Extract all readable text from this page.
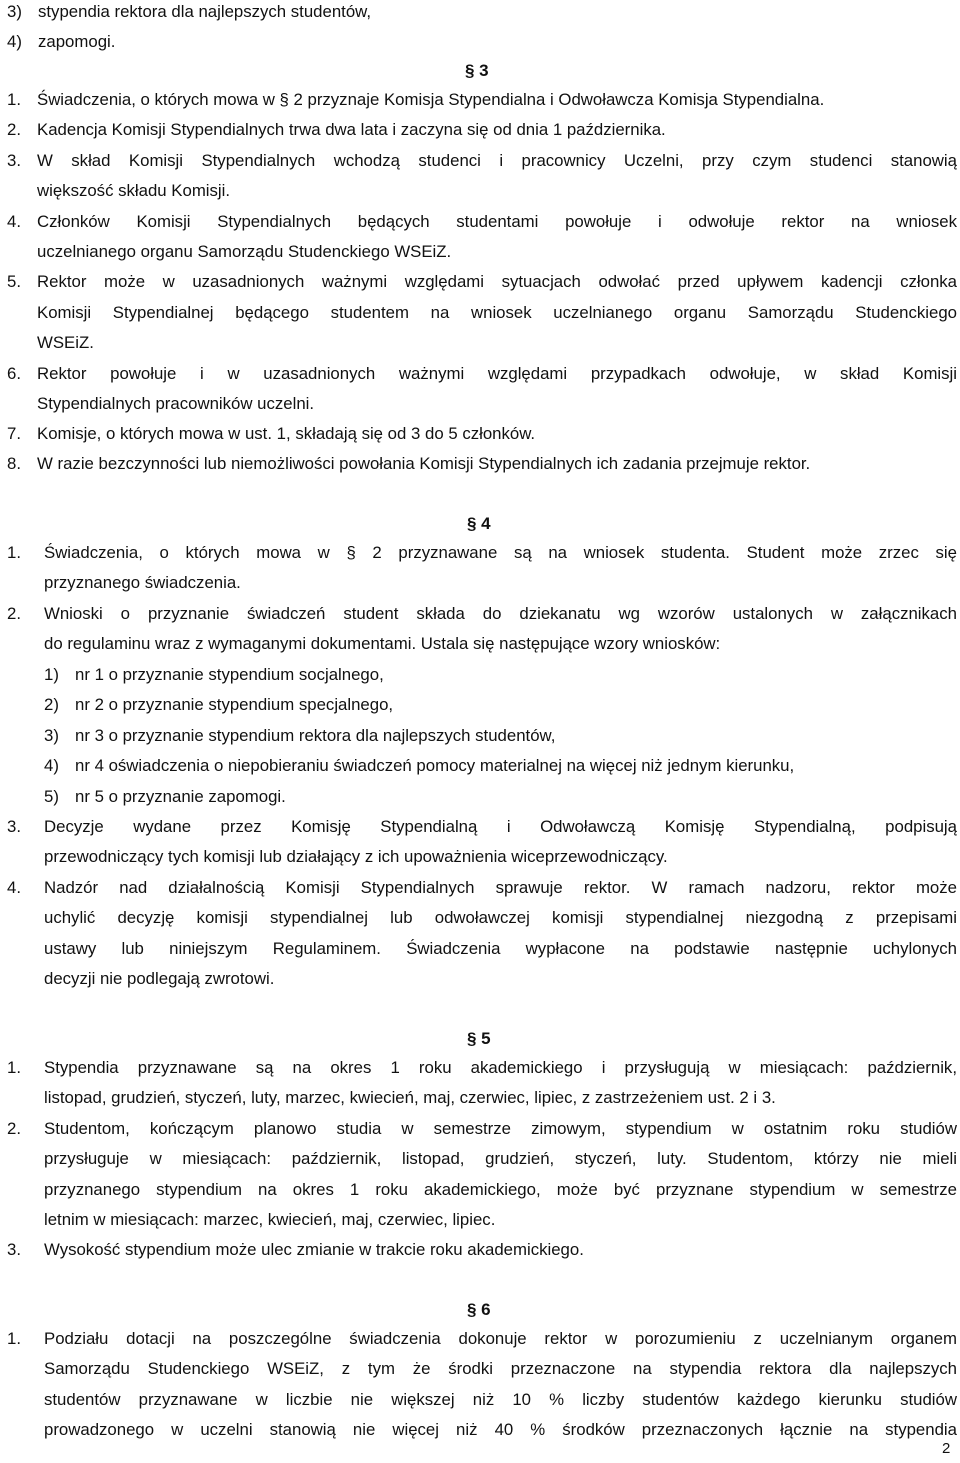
§ 3
§ 4
§ 5
§ 6
3) stypendia rektora dla najlepszych studentów,
4) zapomogi.
1. Świadczenia, o których mowa w § 2 przyznaje Komisja Stypendialna i Odwoławcza Komisja Stypendialna.
2. Kadencja Komisji Stypendialnych trwa dwa lata i zaczyna się od dnia 1 października.
3. W skład Komisji Stypendialnych wchodzą studenci i pracownicy Uczelni, przy czym studenci stanowią
większość składu Komisji.
4. Członków Komisji Stypendialnych będących studentami powołuje i odwołuje rektor na wniosek
uczelnianego organu Samorządu Studenckiego WSEiZ.
5. Rektor może w uzasadnionych ważnymi względami sytuacjach odwołać przed upływem kadencji członka
Komisji Stypendialnej będącego studentem na wniosek uczelnianego organu Samorządu Studenckiego
WSEiZ.
6. Rektor powołuje i w uzasadnionych ważnymi względami przypadkach odwołuje, w skład Komisji
Stypendialnych pracowników uczelni.
7. Komisje, o których mowa w ust. 1, składają się od 3 do 5 członków.
8. W razie bezczynności lub niemożliwości powołania Komisji Stypendialnych ich zadania przejmuje rektor.
1. Świadczenia, o których mowa w § 2 przyznawane są na wniosek studenta. Student może zrzec się
przyznanego świadczenia.
2. Wnioski o przyznanie świadczeń student składa do dziekanatu wg wzorów ustalonych w załącznikach
do regulaminu wraz z wymaganymi dokumentami. Ustala się następujące wzory wniosków:
1) nr 1 o przyznanie stypendium socjalnego,
2) nr 2 o przyznanie stypendium specjalnego,
3) nr 3 o przyznanie stypendium rektora dla najlepszych studentów,
4) nr 4 oświadczenia o niepobieraniu świadczeń pomocy materialnej na więcej niż jednym kierunku,
5) nr 5 o przyznanie zapomogi.
3. Decyzje wydane przez Komisję Stypendialną i Odwoławczą Komisję Stypendialną, podpisują
przewodniczący tych komisji lub działający z ich upoważnienia wiceprzewodniczący.
4. Nadzór nad działalnością Komisji Stypendialnych sprawuje rektor. W ramach nadzoru, rektor może
uchylić decyzję komisji stypendialnej lub odwoławczej komisji stypendialnej niezgodną z przepisami
ustawy lub niniejszym Regulaminem. Świadczenia wypłacone na podstawie następnie uchylonych
decyzji nie podlegają zwrotowi.
1. Stypendia przyznawane są na okres 1 roku akademickiego i przysługują w miesiącach: październik,
listopad, grudzień, styczeń, luty, marzec, kwiecień, maj, czerwiec, lipiec, z zastrzeżeniem ust. 2 i 3.
2. Studentom, kończącym planowo studia w semestrze zimowym, stypendium w ostatnim roku studiów
przysługuje w miesiącach: październik, listopad, grudzień, styczeń, luty. Studentom, którzy nie mieli
przyznanego stypendium na okres 1 roku akademickiego, może być przyznane stypendium w semestrze
letnim w miesiącach: marzec, kwiecień, maj, czerwiec, lipiec.
3. Wysokość stypendium może ulec zmianie w trakcie roku akademickiego.
1. Podziału dotacji na poszczególne świadczenia dokonuje rektor w porozumieniu z uczelnianym organem
Samorządu Studenckiego WSEiZ, z tym że środki przeznaczone na stypendia rektora dla najlepszych
studentów przyznawane w liczbie nie większej niż 10 % liczby studentów każdego kierunku studiów
prowadzonego w uczelni stanowią nie więcej niż 40 % środków przeznaczonych łącznie na stypendia
2
